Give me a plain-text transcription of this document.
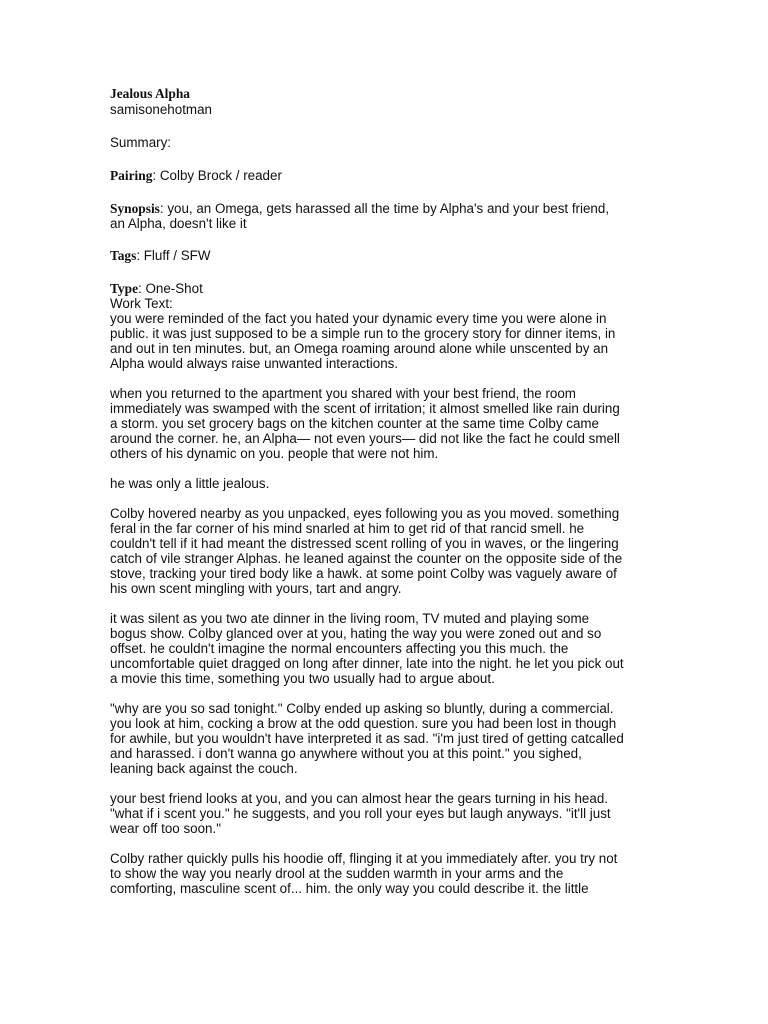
Jealous Alpha
samisonehotman
Summary:
Pairing: Colby Brock / reader
Synopsis: you, an Omega, gets harassed all the time by Alpha's and your best friend,
an Alpha, doesn't like it
Tags: Fluff / SFW
Type: One-Shot
Work Text:
you were reminded of the fact you hated your dynamic every time you were alone in
public. it was just supposed to be a simple run to the grocery story for dinner items, in
and out in ten minutes. but, an Omega roaming around alone while unscented by an
Alpha would always raise unwanted interactions.
when you returned to the apartment you shared with your best friend, the room
immediately was swamped with the scent of irritation; it almost smelled like rain during
a storm. you set grocery bags on the kitchen counter at the same time Colby came
around the corner. he, an Alpha— not even yours— did not like the fact he could smell
others of his dynamic on you. people that were not him.
he was only a little jealous.
Colby hovered nearby as you unpacked, eyes following you as you moved. something
feral in the far corner of his mind snarled at him to get rid of that rancid smell. he
couldn't tell if it had meant the distressed scent rolling of you in waves, or the lingering
catch of vile stranger Alphas. he leaned against the counter on the opposite side of the
stove, tracking your tired body like a hawk. at some point Colby was vaguely aware of
his own scent mingling with yours, tart and angry.
it was silent as you two ate dinner in the living room, TV muted and playing some
bogus show. Colby glanced over at you, hating the way you were zoned out and so
offset. he couldn't imagine the normal encounters affecting you this much. the
uncomfortable quiet dragged on long after dinner, late into the night. he let you pick out
a movie this time, something you two usually had to argue about.
"why are you so sad tonight." Colby ended up asking so bluntly, during a commercial.
you look at him, cocking a brow at the odd question. sure you had been lost in though
for awhile, but you wouldn't have interpreted it as sad. "i'm just tired of getting catcalled
and harassed. i don't wanna go anywhere without you at this point." you sighed,
leaning back against the couch.
your best friend looks at you, and you can almost hear the gears turning in his head.
"what if i scent you." he suggests, and you roll your eyes but laugh anyways. "it'll just
wear off too soon."
Colby rather quickly pulls his hoodie off, flinging it at you immediately after. you try not
to show the way you nearly drool at the sudden warmth in your arms and the
comforting, masculine scent of... him. the only way you could describe it. the little
